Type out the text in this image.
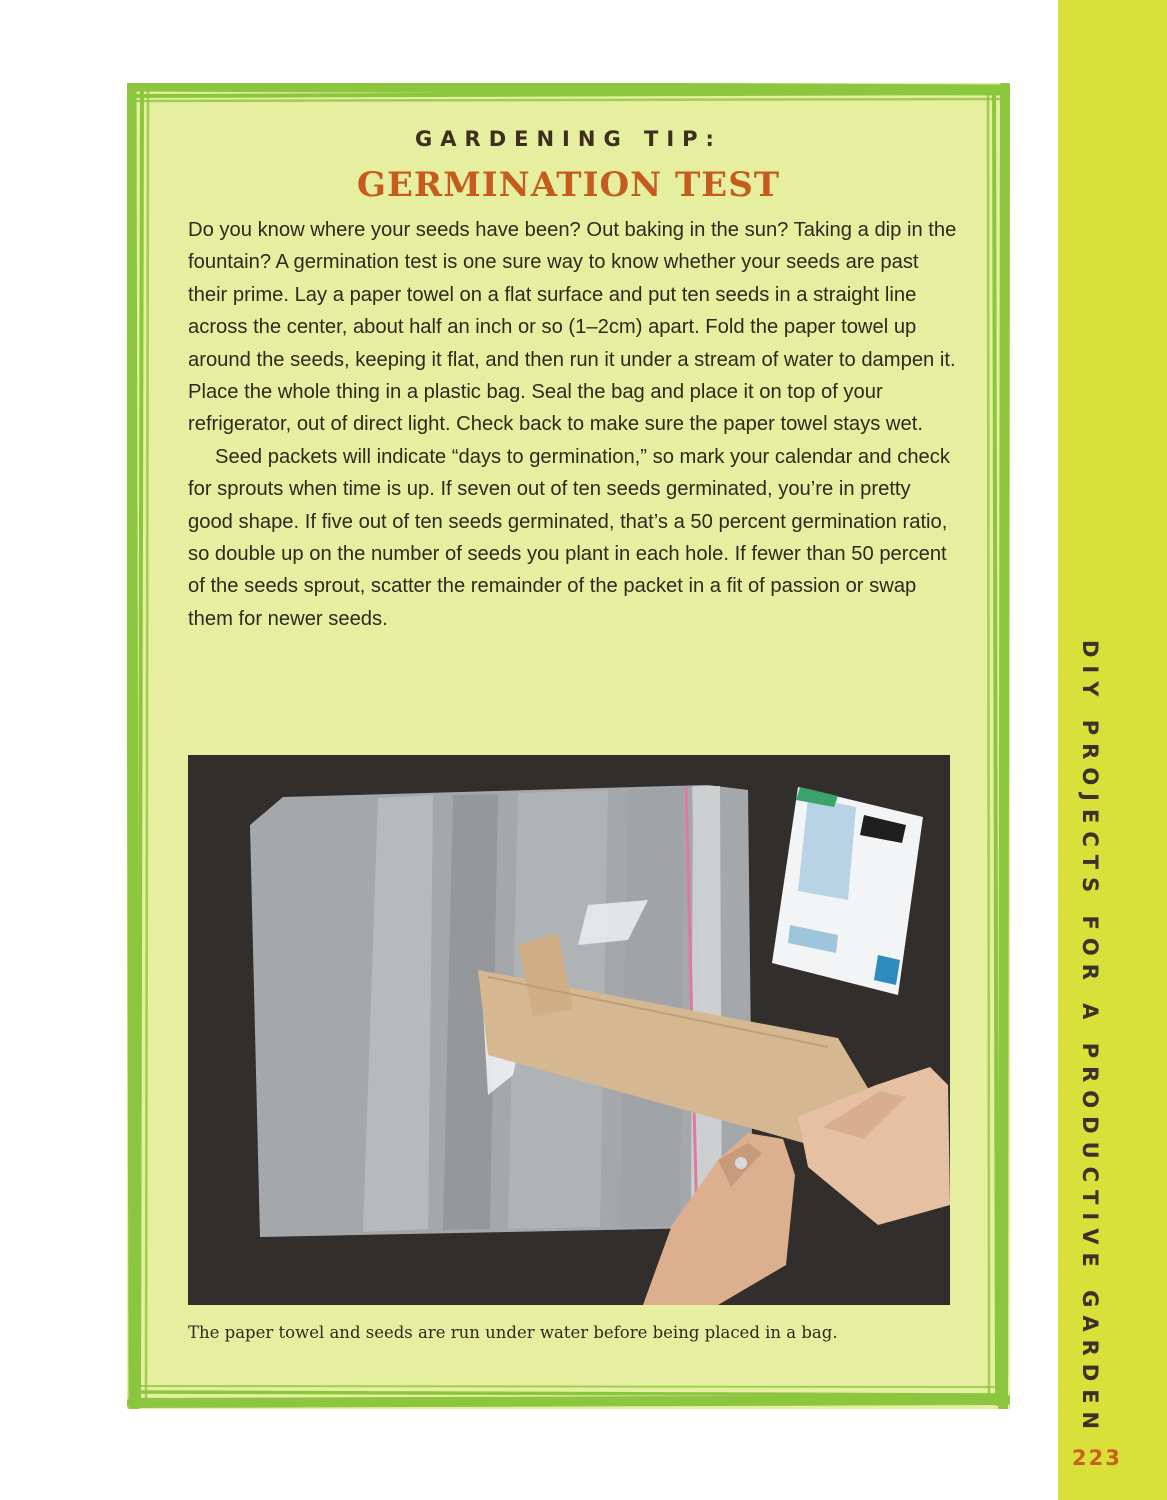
DIY PROJECTS FOR A PRODUCTIVE GARDEN
223

GARDENING TIP:

GERMINATION TEST

Do you know where your seeds have been? Out baking in the sun? Taking a dip in the fountain? A germination test is one sure way to know whether your seeds are past their prime. Lay a paper towel on a flat surface and put ten seeds in a straight line across the center, about half an inch or so (1–2cm) apart. Fold the paper towel up around the seeds, keeping it flat, and then run it under a stream of water to dampen it. Place the whole thing in a plastic bag. Seal the bag and place it on top of your refrigerator, out of direct light. Check back to make sure the paper towel stays wet.

Seed packets will indicate “days to germination,” so mark your calendar and check for sprouts when time is up. If seven out of ten seeds germinated, you’re in pretty good shape. If five out of ten seeds germinated, that’s a 50 percent germination ratio, so double up on the number of seeds you plant in each hole. If fewer than 50 percent of the seeds sprout, scatter the remainder of the packet in a fit of passion or swap them for newer seeds.

The paper towel and seeds are run under water before being placed in a bag.
